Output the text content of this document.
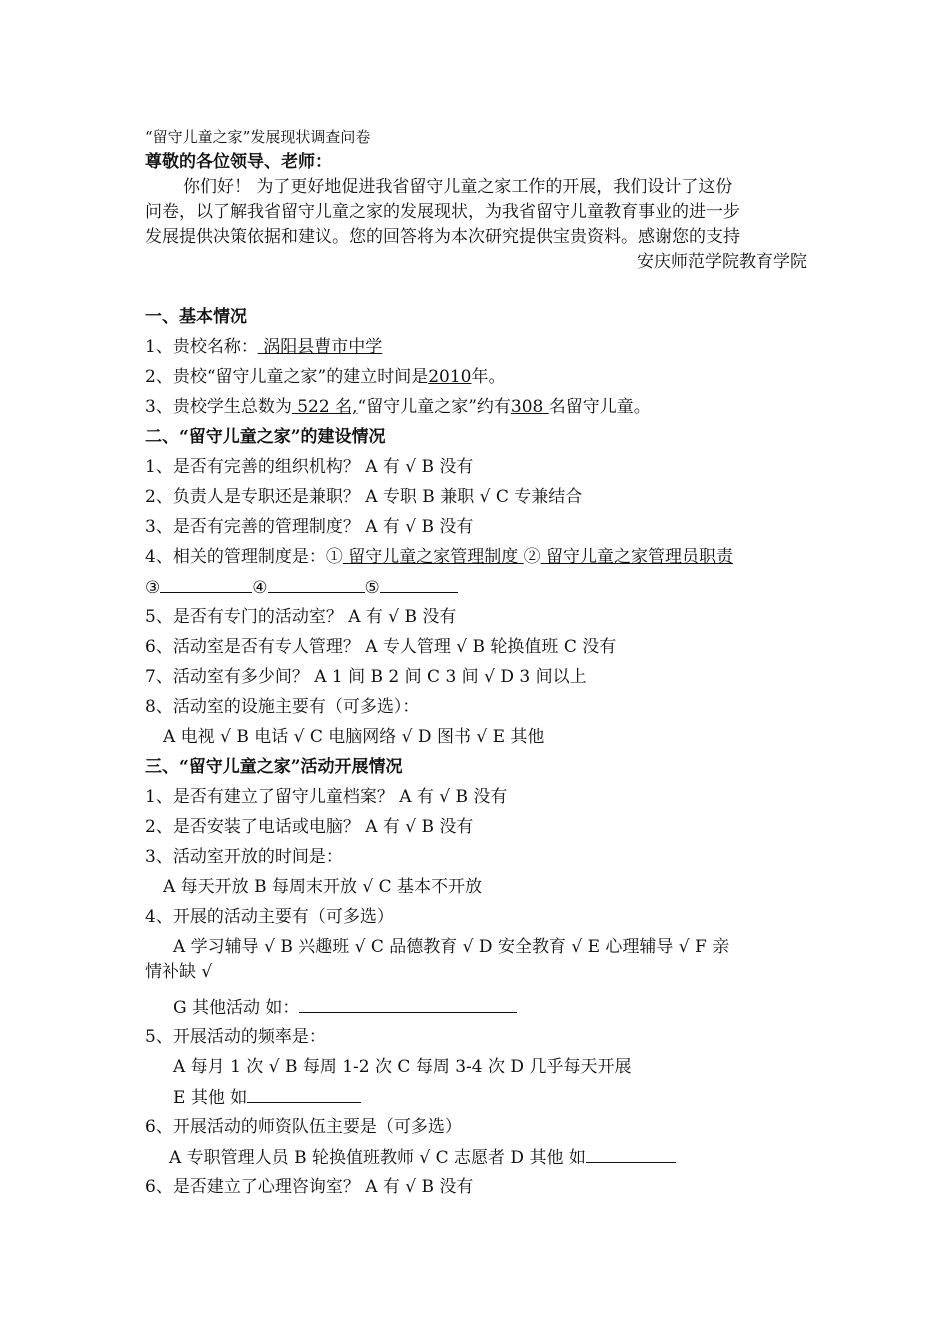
“留守儿童之家”发展现状调查问卷
尊敬的各位领导、老师：
你们好！ 为了更好地促进我省留守儿童之家工作的开展，我们设计了这份
问卷，以了解我省留守儿童之家的发展现状，为我省留守儿童教育事业的进一步
发展提供决策依据和建议。您的回答将为本次研究提供宝贵资料。感谢您的支持
安庆师范学院教育学院
一、基本情况
1、贵校名称： 涡阳县曹市中学
2、贵校“留守儿童之家”的建立时间是2010年。
3、贵校学生总数为 522 名,“留守儿童之家”约有308 名留守儿童。
二、“留守儿童之家”的建设情况
1、是否有完善的组织机构？ A 有 √ B 没有
2、负责人是专职还是兼职？ A 专职 B 兼职 √ C 专兼结合
3、是否有完善的管理制度？ A 有 √ B 没有
4、相关的管理制度是：① 留守儿童之家管理制度 ② 留守儿童之家管理员职责
③	④	⑤
5、是否有专门的活动室？ A 有 √ B 没有
6、活动室是否有专人管理？ A 专人管理 √ B 轮换值班 C 没有
7、活动室有多少间？ A 1 间 B 2 间 C 3 间 √ D 3 间以上
8、活动室的设施主要有（可多选）：
A 电视 √ B 电话 √ C 电脑网络 √ D 图书 √ E 其他
三、“留守儿童之家”活动开展情况
1、是否有建立了留守儿童档案？ A 有 √ B 没有
2、是否安装了电话或电脑？ A 有 √ B 没有
3、活动室开放的时间是：
A 每天开放 B 每周末开放 √ C 基本不开放
4、开展的活动主要有（可多选）
A 学习辅导 √ B 兴趣班 √ C 品德教育 √ D 安全教育 √ E 心理辅导 √ F 亲
情补缺 √
G 其他活动 如：
5、开展活动的频率是：
A 每月 1 次 √ B 每周 1-2 次 C 每周 3-4 次 D 几乎每天开展
E 其他 如
6、开展活动的师资队伍主要是（可多选）
A 专职管理人员 B 轮换值班教师 √ C 志愿者 D 其他 如
6、是否建立了心理咨询室？ A 有 √ B 没有
